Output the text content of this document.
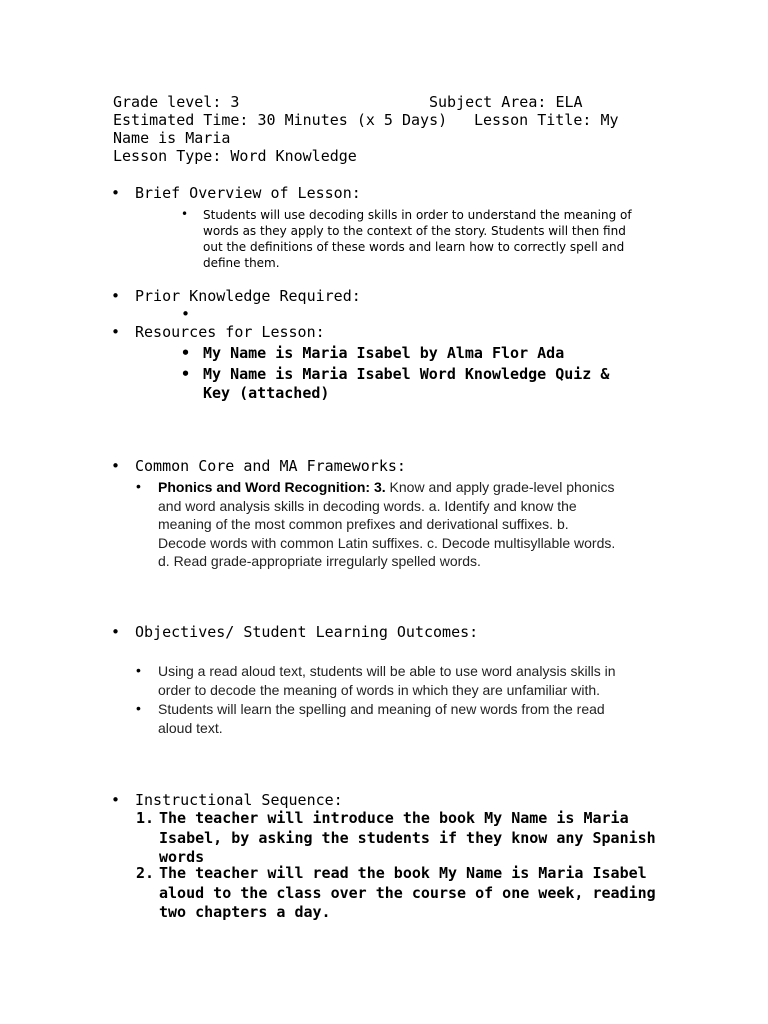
Grade level: 3	Subject Area: ELA
Estimated Time: 30 Minutes (x 5 Days) Lesson Title: My
Name is Maria
Lesson Type: Word Knowledge
• Brief Overview of Lesson:
• Students will use decoding skills in order to understand the meaning of
words as they apply to the context of the story. Students will then find
out the definitions of these words and learn how to correctly spell and
define them.
• Prior Knowledge Required:
•
• Resources for Lesson:
• My Name is Maria Isabel by Alma Flor Ada
• My Name is Maria Isabel Word Knowledge Quiz &
Key (attached)
• Common Core and MA Frameworks:
• Phonics and Word Recognition: 3. Know and apply grade-level phonics
and word analysis skills in decoding words. a. Identify and know the
meaning of the most common prefixes and derivational suffixes. b.
Decode words with common Latin suffixes. c. Decode multisyllable words.
d. Read grade-appropriate irregularly spelled words.
• Objectives/ Student Learning Outcomes:
• Using a read aloud text, students will be able to use word analysis skills in
order to decode the meaning of words in which they are unfamiliar with.
• Students will learn the spelling and meaning of new words from the read
aloud text.
• Instructional Sequence:
1. The teacher will introduce the book My Name is Maria
Isabel, by asking the students if they know any Spanish
words
2. The teacher will read the book My Name is Maria Isabel
aloud to the class over the course of one week, reading
two chapters a day.
